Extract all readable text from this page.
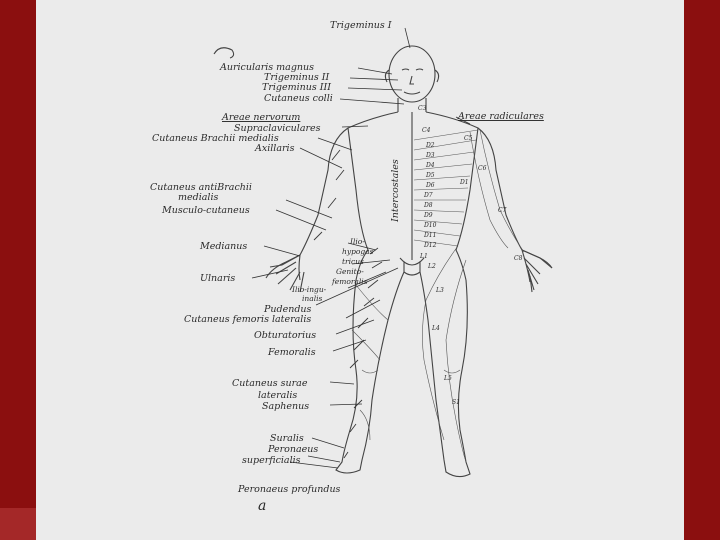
Trigeminus I
Auricularis magnus
Trigeminus II
Trigeminus III
Cutaneus colli
Areae nervorum
Supraclaviculares
Cutaneus Brachii medialis
Axillaris
Cutaneus antiBrachii
medialis
Musculo-cutaneus
Medianus
Ulnaris
Ilio-
hypogas
tricus
Genito-
femoralis
Ilio-ingu-
inalis
Pudendus
Cutaneus femoris lateralis
Obturatorius
Femoralis
Cutaneus surae
lateralis
Saphenus
Suralis
Peronaeus
superficialis
Peronaeus profundus
a
Areae radiculares
Intercostales
C3
C4
D2
D3
D4
D5
D6
D7
D8
D9
D10
D11
D12
L1
L2
L3
L4
L5
S1
C5
C6
C7
C8
D1
